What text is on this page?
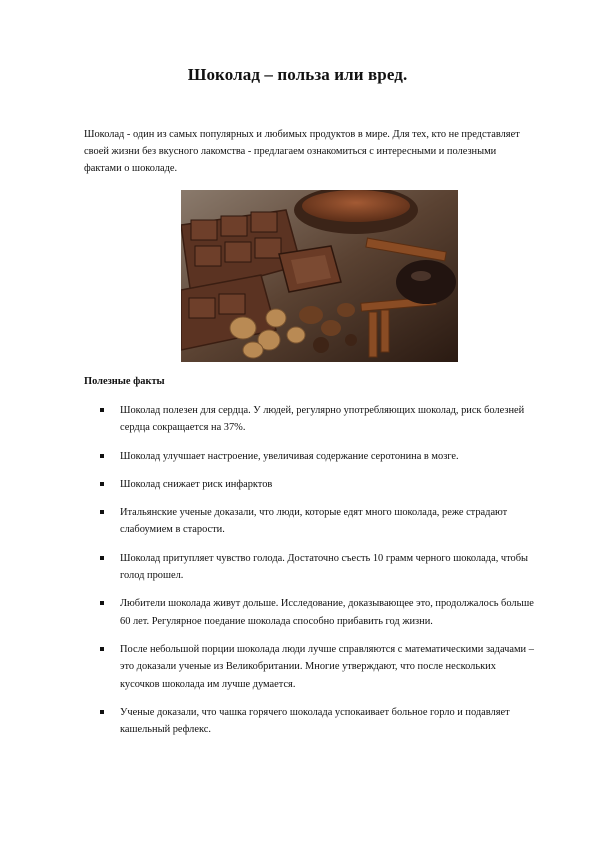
Шоколад – польза или вред.
Шоколад - один из самых популярных и любимых продуктов в мире. Для тех, кто не представляет своей жизни без вкусного лакомства - предлагаем ознакомиться с интересными и полезными фактами о шоколаде.
Полезные факты
Шоколад полезен для сердца. У людей, регулярно употребляющих шоколад, риск болезней сердца сокращается на 37%.
Шоколад улучшает настроение, увеличивая содержание серотонина в мозге.
Шоколад снижает риск инфарктов
Итальянские ученые доказали, что люди, которые едят много шоколада, реже страдают слабоумием в старости.
Шоколад притупляет чувство голода. Достаточно съесть 10 грамм черного шоколада, чтобы голод прошел.
Любители шоколада живут дольше. Исследование, доказывающее это, продолжалось больше 60 лет. Регулярное поедание шоколада способно прибавить год жизни.
После небольшой порции шоколада люди лучше справляются с математическими задачами – это доказали ученые из Великобритании. Многие утверждают, что после нескольких кусочков шоколада им лучше думается.
Ученые доказали, что чашка горячего шоколада успокаивает больное горло и подавляет кашельный рефлекс.
